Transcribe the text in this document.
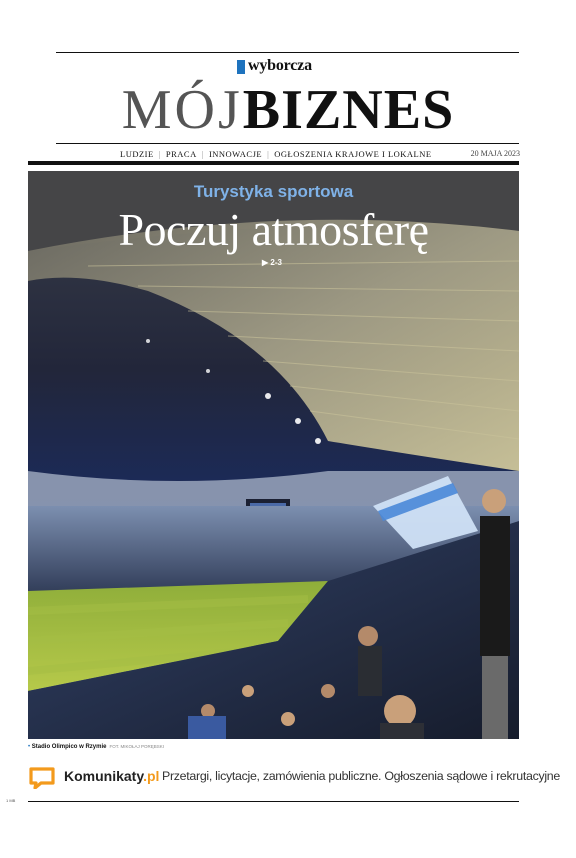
wyborcza
MÓJBIZNES
LUDZIE | PRACA | INNOWACJE | OGŁOSZENIA KRAJOWE I LOKALNE	20 MAJA 2023
Turystyka sportowa
Poczuj atmosferę
▶ 2-3
• Stadio Olimpico w Rzymie FOT. MIKOŁAJ PORĘBSKI
Komunikaty.pl Przetargi, licytacje, zamówienia publiczne. Ogłoszenia sądowe i rekrutacyjne
1 MB
